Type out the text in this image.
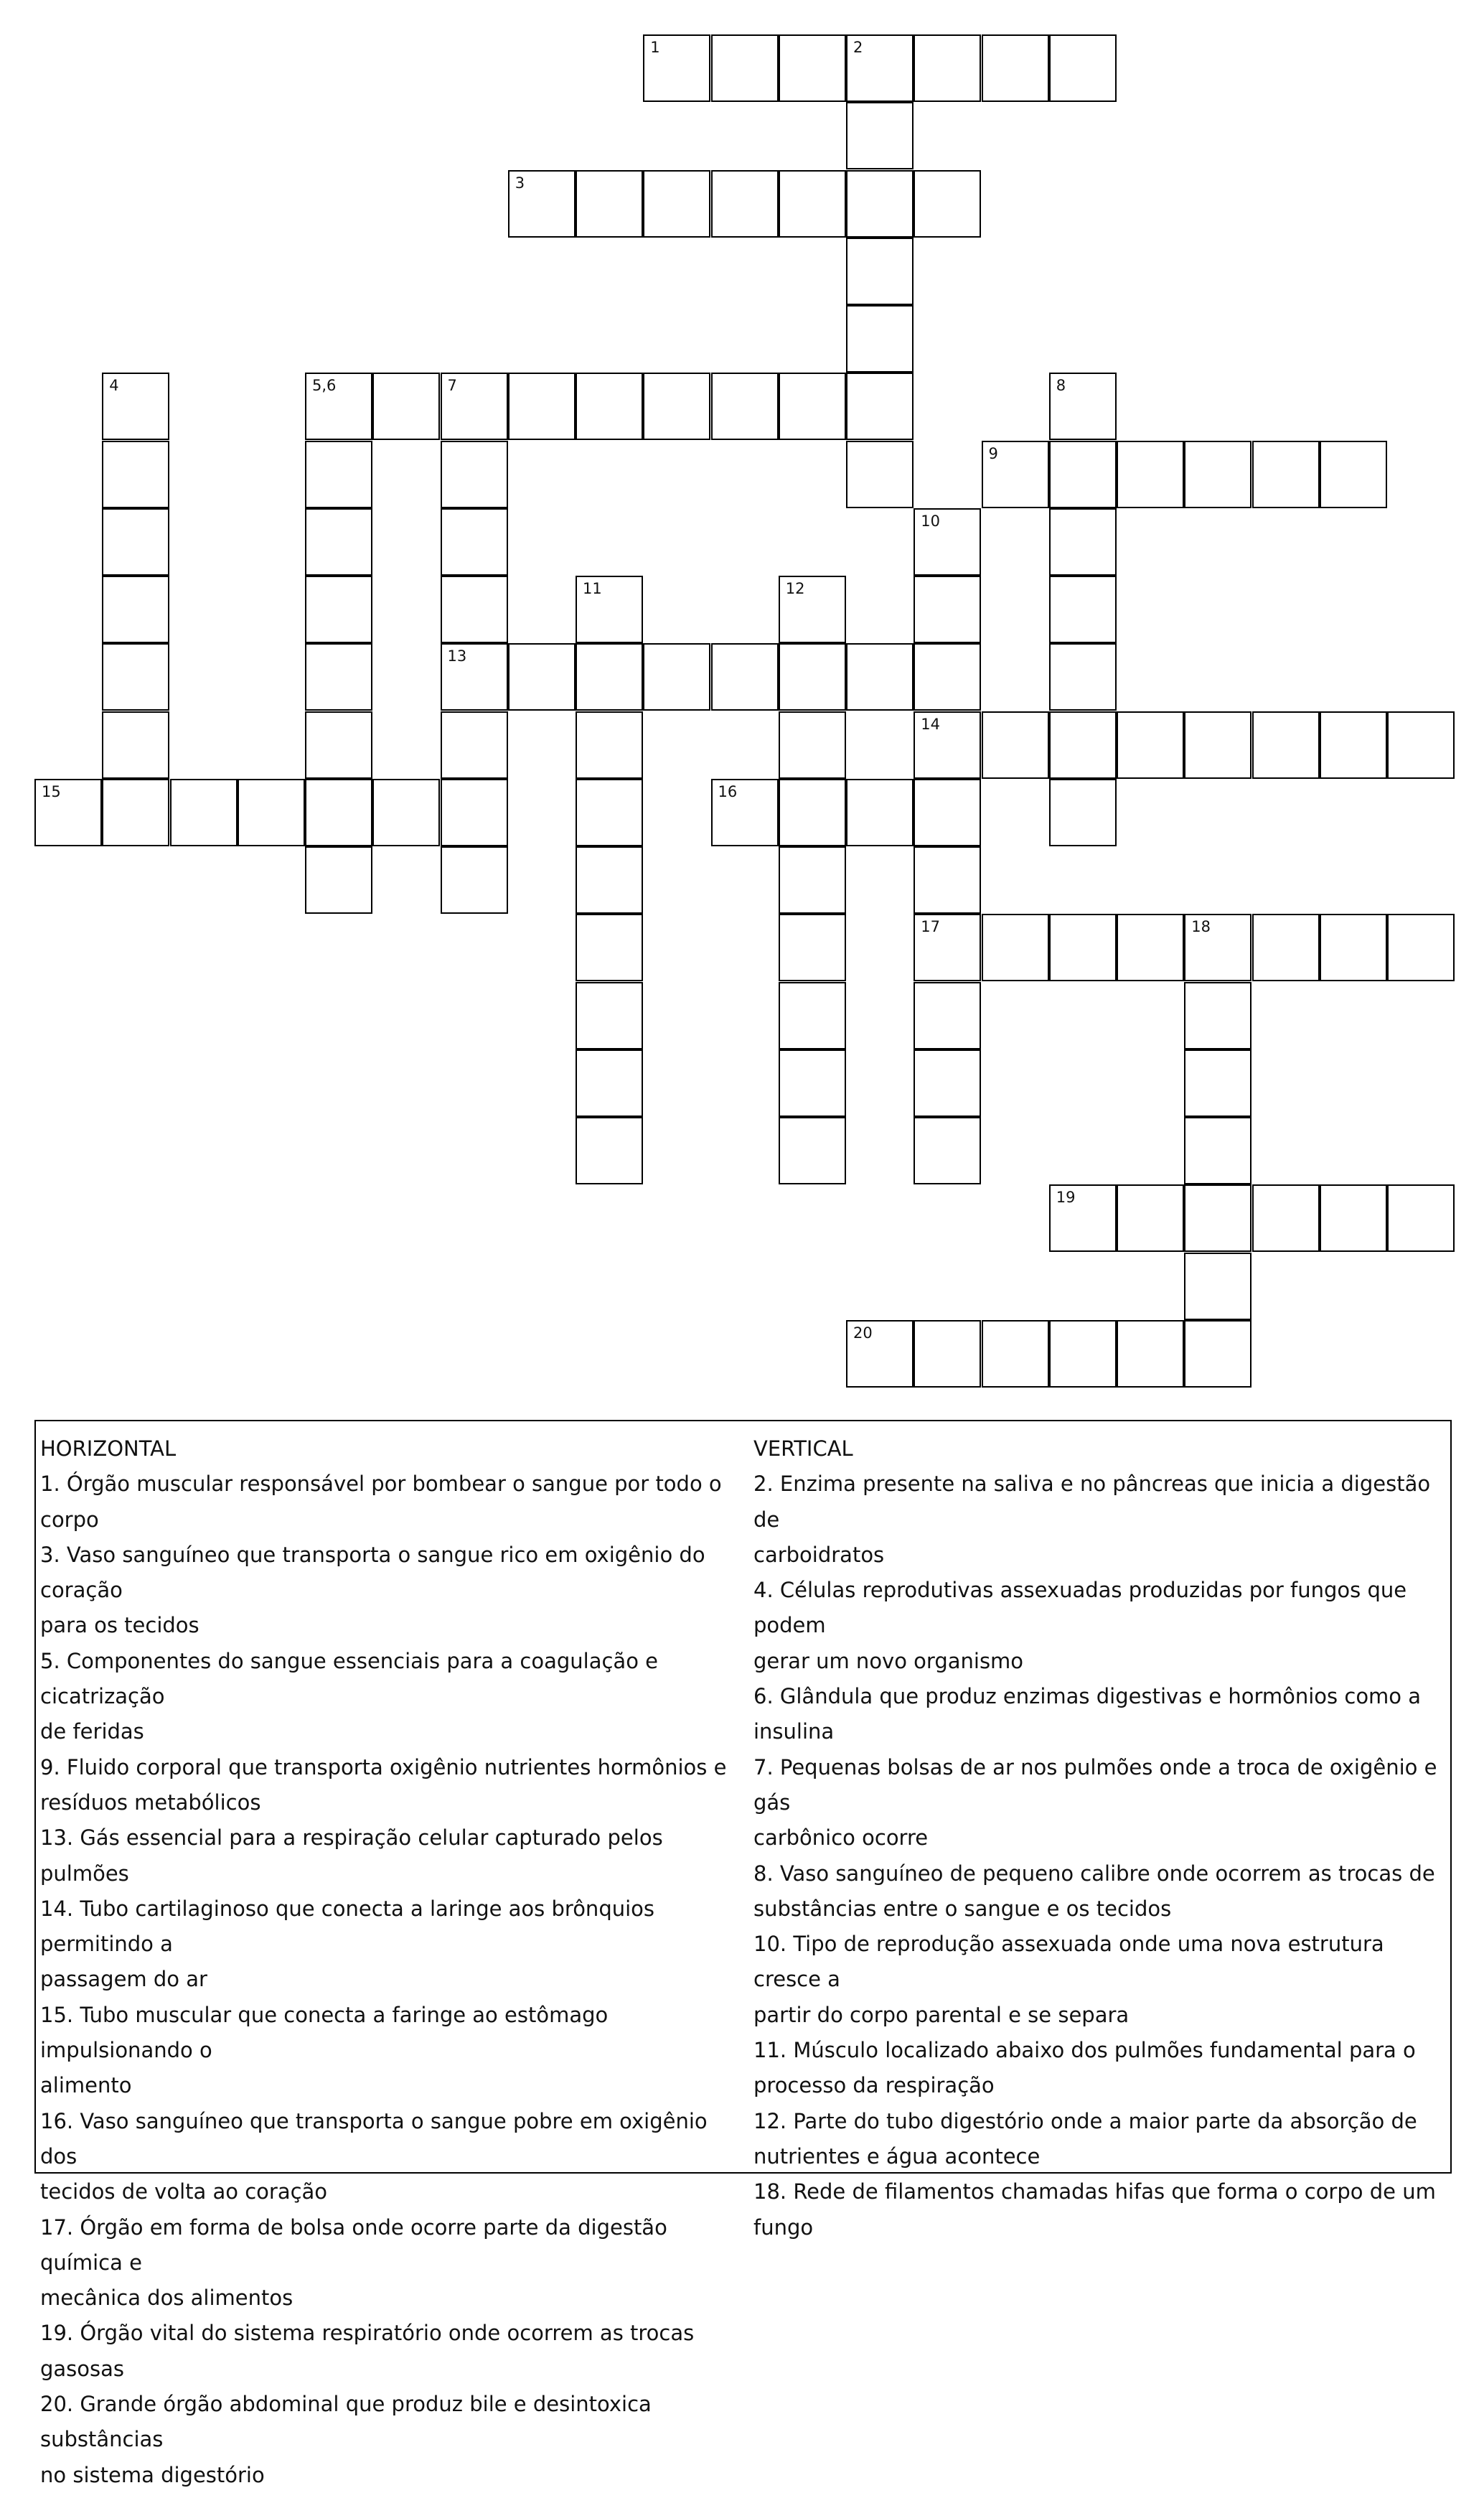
1	2
3
4	5,6	7
13
8
9
10
14
17
11	12
15	16
18
19
20
HORIZONTAL
1. Órgão muscular responsável por bombear o sangue por todo o corpo
3. Vaso sanguíneo que transporta o sangue rico em oxigênio do coração
para os tecidos
5. Componentes do sangue essenciais para a coagulação e cicatrização
de feridas
9. Fluido corporal que transporta oxigênio nutrientes hormônios e
resíduos metabólicos
13. Gás essencial para a respiração celular capturado pelos pulmões
14. Tubo cartilaginoso que conecta a laringe aos brônquios permitindo a
passagem do ar
15. Tubo muscular que conecta a faringe ao estômago impulsionando o
alimento
16. Vaso sanguíneo que transporta o sangue pobre em oxigênio dos
tecidos de volta ao coração
17. Órgão em forma de bolsa onde ocorre parte da digestão química e
mecânica dos alimentos
19. Órgão vital do sistema respiratório onde ocorrem as trocas gasosas
20. Grande órgão abdominal que produz bile e desintoxica substâncias
no sistema digestório
VERTICAL
2. Enzima presente na saliva e no pâncreas que inicia a digestão de
carboidratos
4. Células reprodutivas assexuadas produzidas por fungos que podem
gerar um novo organismo
6. Glândula que produz enzimas digestivas e hormônios como a insulina
7. Pequenas bolsas de ar nos pulmões onde a troca de oxigênio e gás
carbônico ocorre
8. Vaso sanguíneo de pequeno calibre onde ocorrem as trocas de
substâncias entre o sangue e os tecidos
10. Tipo de reprodução assexuada onde uma nova estrutura cresce a
partir do corpo parental e se separa
11. Músculo localizado abaixo dos pulmões fundamental para o
processo da respiração
12. Parte do tubo digestório onde a maior parte da absorção de
nutrientes e água acontece
18. Rede de filamentos chamadas hifas que forma o corpo de um fungo
